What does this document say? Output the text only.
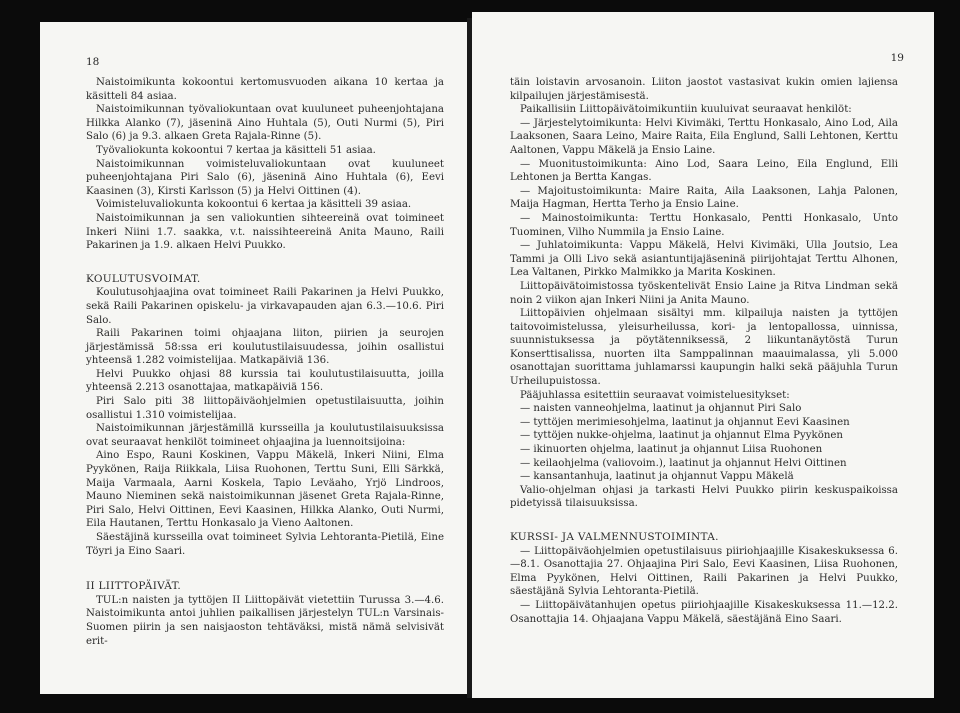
18

Naistoimikunta kokoontui kertomusvuoden aikana 10 kertaa ja käsitteli 84 asiaa.

Naistoimikunnan työvaliokuntaan ovat kuuluneet puheenjohtajana Hilkka Alanko (7), jäseninä Aino Huhtala (5), Outi Nurmi (5), Piri Salo (6) ja 9.3. alkaen Greta Rajala-Rinne (5).

Työvaliokunta kokoontui 7 kertaa ja käsitteli 51 asiaa.

Naistoimikunnan voimisteluvaliokuntaan ovat kuuluneet puheenjohtajana Piri Salo (6), jäseninä Aino Huhtala (6), Eevi Kaasinen (3), Kirsti Karlsson (5) ja Helvi Oittinen (4).

Voimisteluvaliokunta kokoontui 6 kertaa ja käsitteli 39 asiaa.

Naistoimikunnan ja sen valiokuntien sihteereinä ovat toimineet Inkeri Niini 1.7. saakka, v.t. naissihteereinä Anita Mauno, Raili Pakarinen ja 1.9. alkaen Helvi Puukko.

KOULUTUSVOIMAT.

Koulutusohjaajina ovat toimineet Raili Pakarinen ja Helvi Puukko, sekä Raili Pakarinen opiskelu- ja virkavapauden ajan 6.3.—10.6. Piri Salo.

Raili Pakarinen toimi ohjaajana liiton, piirien ja seurojen järjestämissä 58:ssa eri koulutustilaisuudessa, joihin osallistui yhteensä 1.282 voimistelijaa. Matkapäiviä 136.

Helvi Puukko ohjasi 88 kurssia tai koulutustilaisuutta, joilla yhteensä 2.213 osanottajaa, matkapäiviä 156.

Piri Salo piti 38 liittopäiväohjelmien opetustilaisuutta, joihin osallistui 1.310 voimistelijaa.

Naistoimikunnan järjestämillä kursseilla ja koulutustilaisuuksissa ovat seuraavat henkilöt toimineet ohjaajina ja luennoitsijoina:

Aino Espo, Rauni Koskinen, Vappu Mäkelä, Inkeri Niini, Elma Pyykönen, Raija Riikkala, Liisa Ruohonen, Terttu Suni, Elli Särkkä, Maija Varmaala, Aarni Koskela, Tapio Leväaho, Yrjö Lindroos, Mauno Nieminen sekä naistoimikunnan jäsenet Greta Rajala-Rinne, Piri Salo, Helvi Oittinen, Eevi Kaasinen, Hilkka Alanko, Outi Nurmi, Eila Hautanen, Terttu Honkasalo ja Vieno Aaltonen.

Säestäjinä kursseilla ovat toimineet Sylvia Lehtoranta-Pietilä, Eine Töyri ja Eino Saari.

II LIITTOPÄIVÄT.

TUL:n naisten ja tyttöjen II Liittopäivät vietettiin Turussa 3.—4.6. Naistoimikunta antoi juhlien paikallisen järjestelyn TUL:n Varsinais-Suomen piirin ja sen naisjaoston tehtäväksi, mistä nämä selvisivät erit-

19

täin loistavin arvosanoin. Liiton jaostot vastasivat kukin omien lajiensa kilpailujen järjestämisestä.

Paikallisiin Liittopäivätoimikuntiin kuuluivat seuraavat henkilöt:

— Järjestelytoimikunta: Helvi Kivimäki, Terttu Honkasalo, Aino Lod, Aila Laaksonen, Saara Leino, Maire Raita, Eila Englund, Salli Lehtonen, Kerttu Aaltonen, Vappu Mäkelä ja Ensio Laine.

— Muonitustoimikunta: Aino Lod, Saara Leino, Eila Englund, Elli Lehtonen ja Bertta Kangas.

— Majoitustoimikunta: Maire Raita, Aila Laaksonen, Lahja Palonen, Maija Hagman, Hertta Terho ja Ensio Laine.

— Mainostoimikunta: Terttu Honkasalo, Pentti Honkasalo, Unto Tuominen, Vilho Nummila ja Ensio Laine.

— Juhlatoimikunta: Vappu Mäkelä, Helvi Kivimäki, Ulla Joutsio, Lea Tammi ja Olli Livo sekä asiantuntijajäseninä piirijohtajat Terttu Alhonen, Lea Valtanen, Pirkko Malmikko ja Marita Koskinen.

Liittopäivätoimistossa työskentelivät Ensio Laine ja Ritva Lindman sekä noin 2 viikon ajan Inkeri Niini ja Anita Mauno.

Liittopäivien ohjelmaan sisältyi mm. kilpailuja naisten ja tyttöjen taitovoimistelussa, yleisurheilussa, kori- ja lentopallossa, uinnissa, suunnistuksessa ja pöytätenniksessä, 2 liikuntanäytöstä Turun Konserttisalissa, nuorten ilta Samppalinnan maauimalassa, yli 5.000 osanottajan suorittama juhlamarssi kaupungin halki sekä pääjuhla Turun Urheilupuistossa.

Pääjuhlassa esitettiin seuraavat voimisteluesitykset:

— naisten vanneohjelma, laatinut ja ohjannut Piri Salo

— tyttöjen merimiesohjelma, laatinut ja ohjannut Eevi Kaasinen

— tyttöjen nukke-ohjelma, laatinut ja ohjannut Elma Pyykönen

— ikinuorten ohjelma, laatinut ja ohjannut Liisa Ruohonen

— keilaohjelma (valiovoim.), laatinut ja ohjannut Helvi Oittinen

— kansantanhuja, laatinut ja ohjannut Vappu Mäkelä

Valio-ohjelman ohjasi ja tarkasti Helvi Puukko piirin keskuspaikoissa pidetyissä tilaisuuksissa.

KURSSI- JA VALMENNUSTOIMINTA.

— Liittopäiväohjelmien opetustilaisuus piiriohjaajille Kisakeskuksessa 6.—8.1. Osanottajia 27. Ohjaajina Piri Salo, Eevi Kaasinen, Liisa Ruohonen, Elma Pyykönen, Helvi Oittinen, Raili Pakarinen ja Helvi Puukko, säestäjänä Sylvia Lehtoranta-Pietilä.

— Liittopäivätanhujen opetus piiriohjaajille Kisakeskuksessa 11.—12.2. Osanottajia 14. Ohjaajana Vappu Mäkelä, säestäjänä Eino Saari.
